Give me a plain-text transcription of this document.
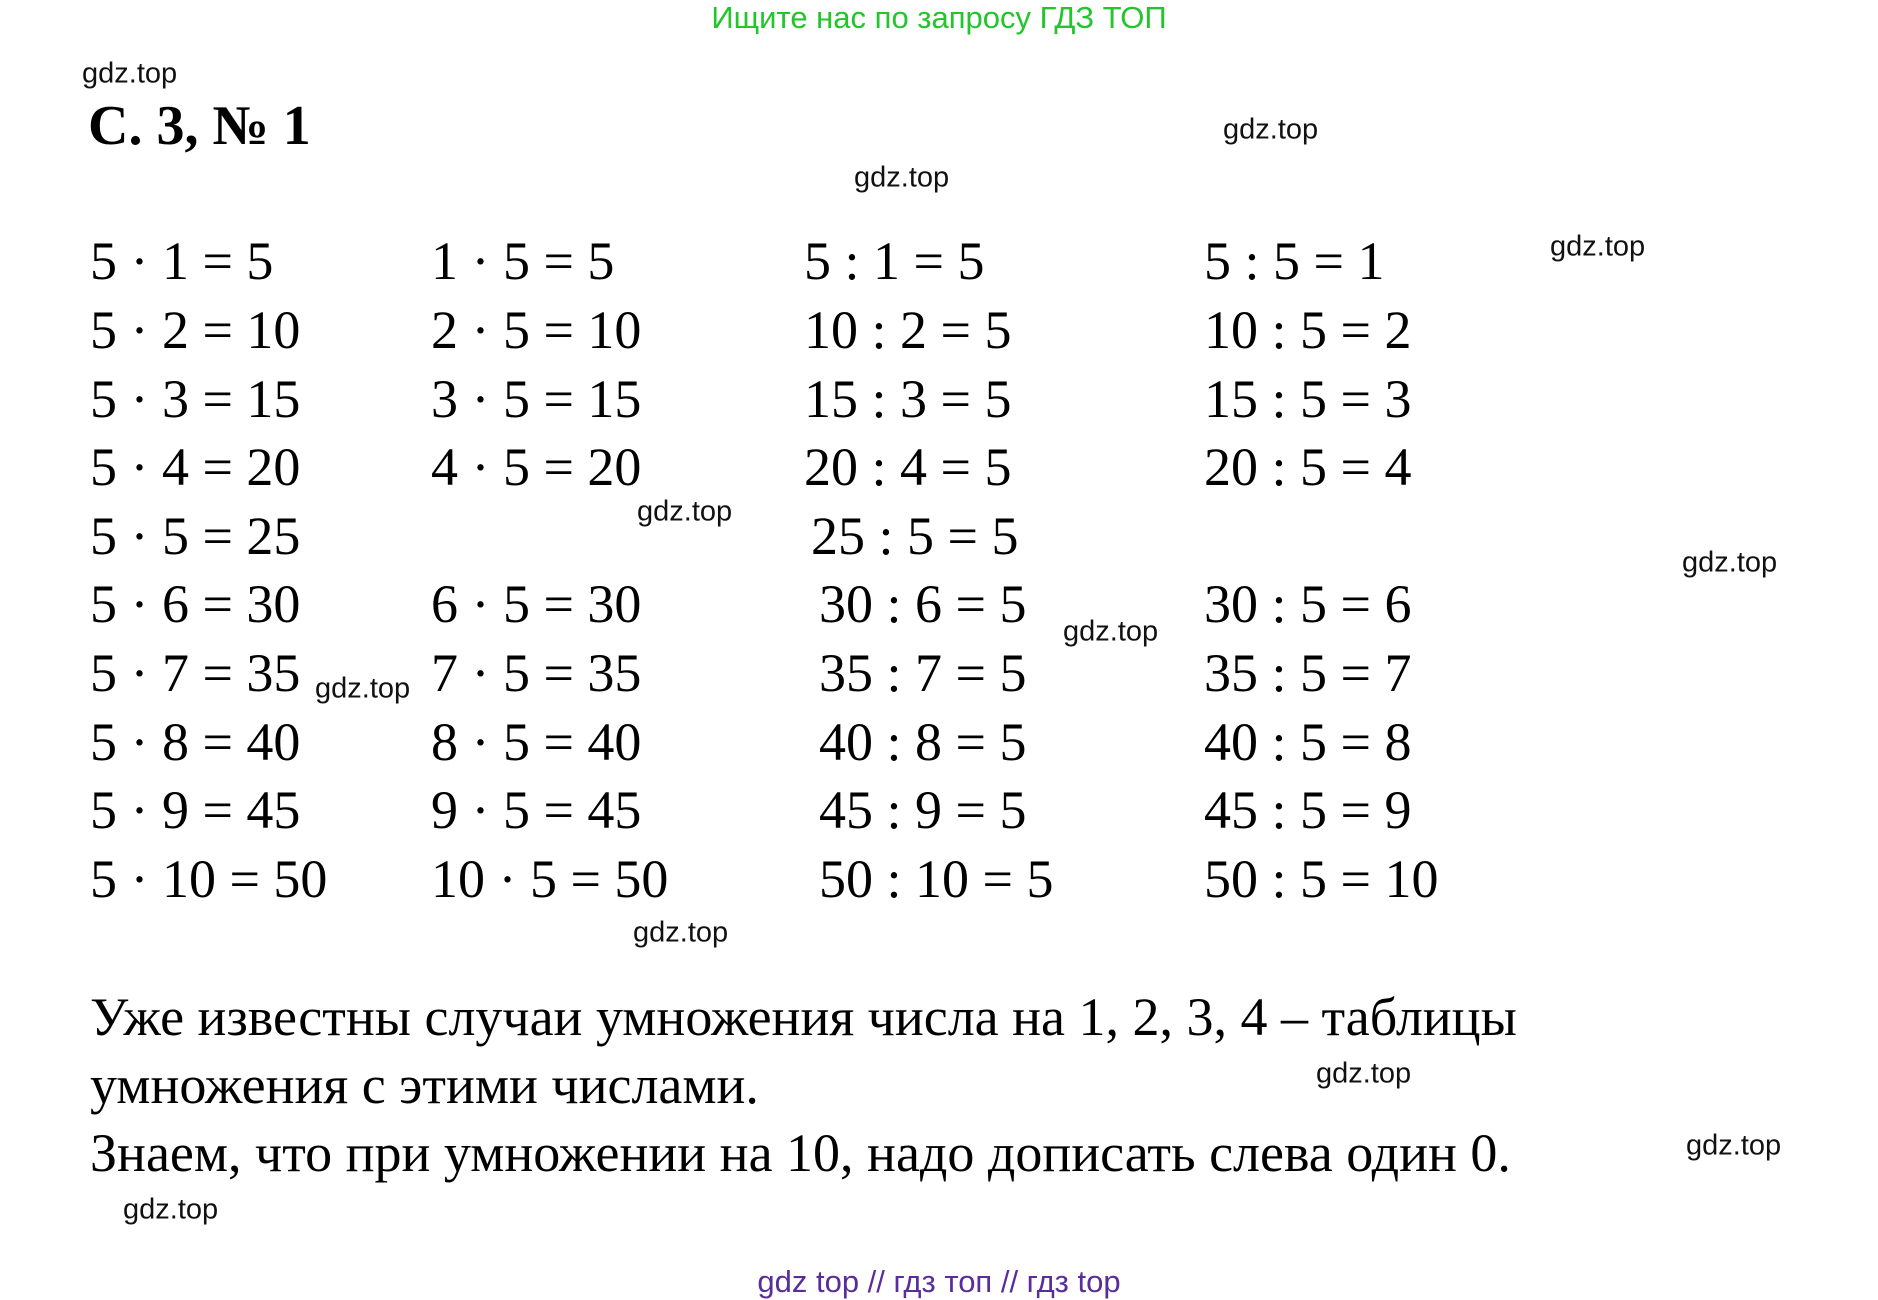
Ищите нас по запросу ГДЗ ТОП
С. 3, № 1
5 · 1 = 5
5 · 2 = 10
5 · 3 = 15
5 · 4 = 20
5 · 5 = 25
5 · 6 = 30
5 · 7 = 35
5 · 8 = 40
5 · 9 = 45
5 · 10 = 50
1 · 5 = 5
2 · 5 = 10
3 · 5 = 15
4 · 5 = 20
6 · 5 = 30
7 · 5 = 35
8 · 5 = 40
9 · 5 = 45
10 · 5 = 50
5 : 1 = 5
10 : 2 = 5
15 : 3 = 5
20 : 4 = 5
25 : 5 = 5
30 : 6 = 5
35 : 7 = 5
40 : 8 = 5
45 : 9 = 5
50 : 10 = 5
5 : 5 = 1
10 : 5 = 2
15 : 5 = 3
20 : 5 = 4
30 : 5 = 6
35 : 5 = 7
40 : 5 = 8
45 : 5 = 9
50 : 5 = 10
Уже известны случаи умножения числа на 1, 2, 3, 4 – таблицы
умножения с этими числами.
Знаем, что при умножении на 10, надо дописать слева один 0.
gdz.top
gdz.top
gdz.top
gdz.top
gdz.top
gdz.top
gdz.top
gdz.top
gdz.top
gdz.top
gdz.top
gdz.top
gdz top // гдз топ // гдз top
